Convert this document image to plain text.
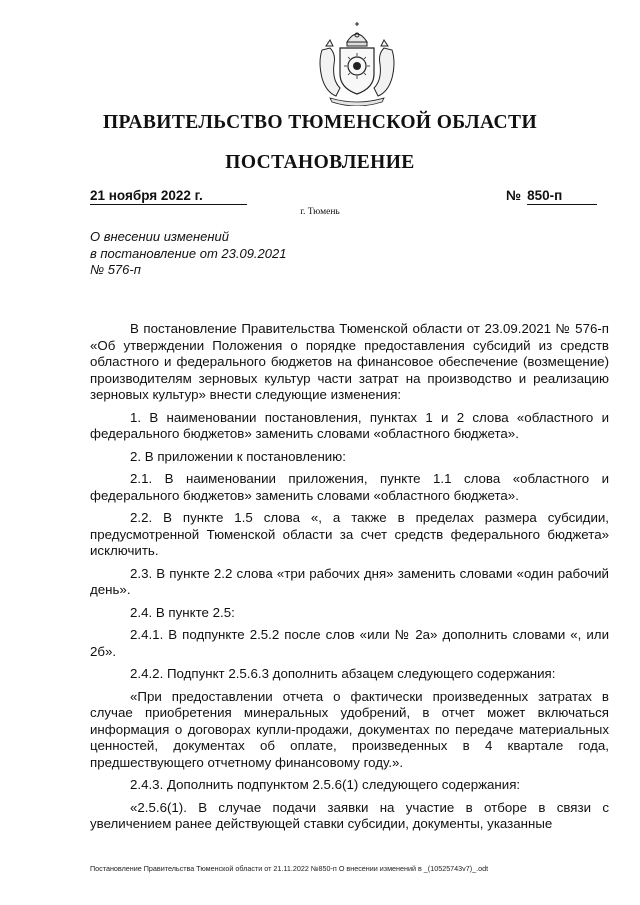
ПРАВИТЕЛЬСТВО ТЮМЕНСКОЙ ОБЛАСТИ
ПОСТАНОВЛЕНИЕ
21 ноября 2022 г.	№ 850-п
г. Тюмень
О внесении изменений
в постановление от 23.09.2021
№ 576-п

В постановление Правительства Тюменской области от 23.09.2021 № 576-п «Об утверждении Положения о порядке предоставления субсидий из средств областного и федерального бюджетов на финансовое обеспечение (возмещение) производителям зерновых культур части затрат на производство и реализацию зерновых культур» внести следующие изменения:

1. В наименовании постановления, пунктах 1 и 2 слова «областного и федерального бюджетов» заменить словами «областного бюджета».

2. В приложении к постановлению:

2.1. В наименовании приложения, пункте 1.1 слова «областного и федерального бюджетов» заменить словами «областного бюджета».

2.2. В пункте 1.5 слова «, а также в пределах размера субсидии, предусмотренной Тюменской области за счет средств федерального бюджета» исключить.

2.3. В пункте 2.2 слова «три рабочих дня» заменить словами «один рабочий день».

2.4. В пункте 2.5:

2.4.1. В подпункте 2.5.2 после слов «или № 2а» дополнить словами «, или 2б».

2.4.2. Подпункт 2.5.6.3 дополнить абзацем следующего содержания:

«При предоставлении отчета о фактически произведенных затратах в случае приобретения минеральных удобрений, в отчет может включаться информация о договорах купли-продажи, документах по передаче материальных ценностей, документах об оплате, произведенных в 4 квартале года, предшествующего отчетному финансовому году.».

2.4.3. Дополнить подпунктом 2.5.6(1) следующего содержания:

«2.5.6(1). В случае подачи заявки на участие в отборе в связи с увеличением ранее действующей ставки субсидии, документы, указанные

Постановление Правительства Тюменской области от 21.11.2022 №850-п О внесении изменений в _(10525743v7)_.odt
